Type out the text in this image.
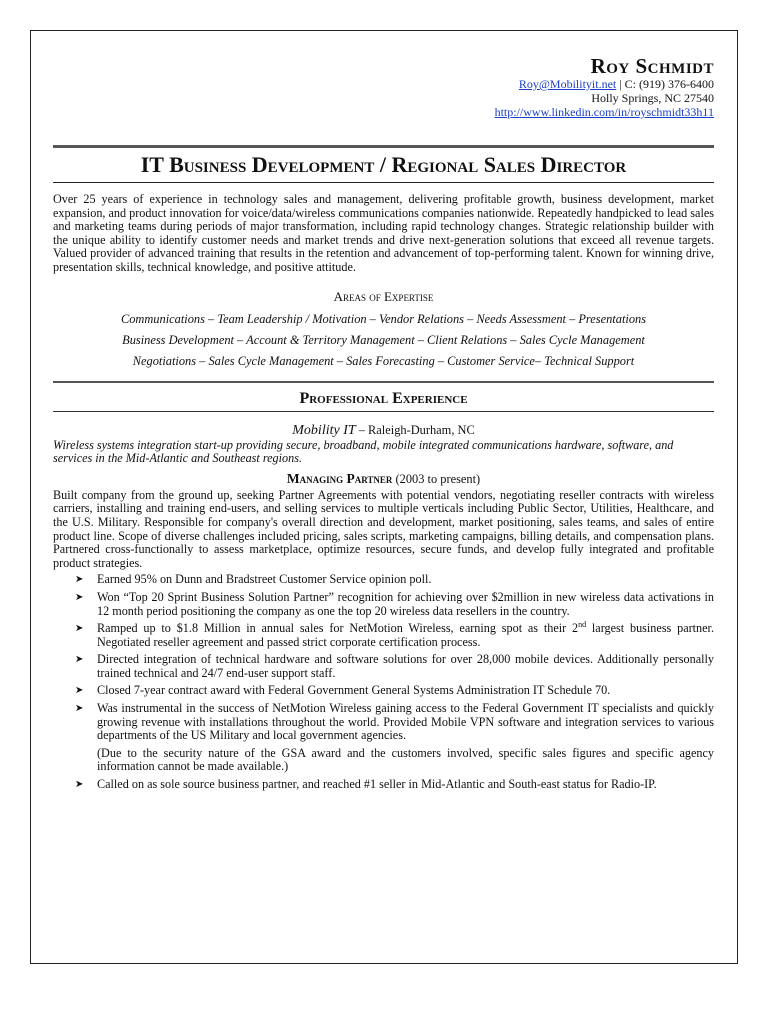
Roy Schmidt
Roy@Mobilityit.net | C: (919) 376-6400
Holly Springs, NC 27540
http://www.linkedin.com/in/royschmidt33h11
IT Business Development / Regional Sales Director
Over 25 years of experience in technology sales and management, delivering profitable growth, business development, market expansion, and product innovation for voice/data/wireless communications companies nationwide. Repeatedly handpicked to lead sales and marketing teams during periods of major transformation, including rapid technology changes. Strategic relationship builder with the unique ability to identify customer needs and market trends and drive next-generation solutions that exceed all revenue targets. Valued provider of advanced training that results in the retention and advancement of top-performing talent. Known for winning drive, presentation skills, technical knowledge, and positive attitude.
Areas of Expertise
Communications – Team Leadership / Motivation – Vendor Relations – Needs Assessment – Presentations
Business Development – Account & Territory Management – Client Relations – Sales Cycle Management
Negotiations – Sales Cycle Management – Sales Forecasting – Customer Service– Technical Support
Professional Experience
Mobility IT – Raleigh-Durham, NC
Wireless systems integration start-up providing secure, broadband, mobile integrated communications hardware, software, and services in the Mid-Atlantic and Southeast regions.
Managing Partner (2003 to present)
Built company from the ground up, seeking Partner Agreements with potential vendors, negotiating reseller contracts with wireless carriers, installing and training end-users, and selling services to multiple verticals including Public Sector, Utilities, Healthcare, and the U.S. Military. Responsible for company's overall direction and development, market positioning, sales teams, and sales of entire product line. Scope of diverse challenges included pricing, sales scripts, marketing campaigns, billing details, and compensation plans. Partnered cross-functionally to assess marketplace, optimize resources, secure funds, and develop fully integrated and profitable product strategies.
➤ Earned 95% on Dunn and Bradstreet Customer Service opinion poll.
➤ Won “Top 20 Sprint Business Solution Partner” recognition for achieving over $2million in new wireless data activations in 12 month period positioning the company as one the top 20 wireless data resellers in the country.
➤ Ramped up to $1.8 Million in annual sales for NetMotion Wireless, earning spot as their 2nd largest business partner. Negotiated reseller agreement and passed strict corporate certification process.
➤ Directed integration of technical hardware and software solutions for over 28,000 mobile devices. Additionally personally trained technical and 24/7 end-user support staff.
➤ Closed 7-year contract award with Federal Government General Systems Administration IT Schedule 70.
➤ Was instrumental in the success of NetMotion Wireless gaining access to the Federal Government IT specialists and quickly growing revenue with installations throughout the world. Provided Mobile VPN software and integration services to various departments of the US Military and local government agencies.
(Due to the security nature of the GSA award and the customers involved, specific sales figures and specific agency information cannot be made available.)
➤ Called on as sole source business partner, and reached #1 seller in Mid-Atlantic and South-east status for Radio-IP.
